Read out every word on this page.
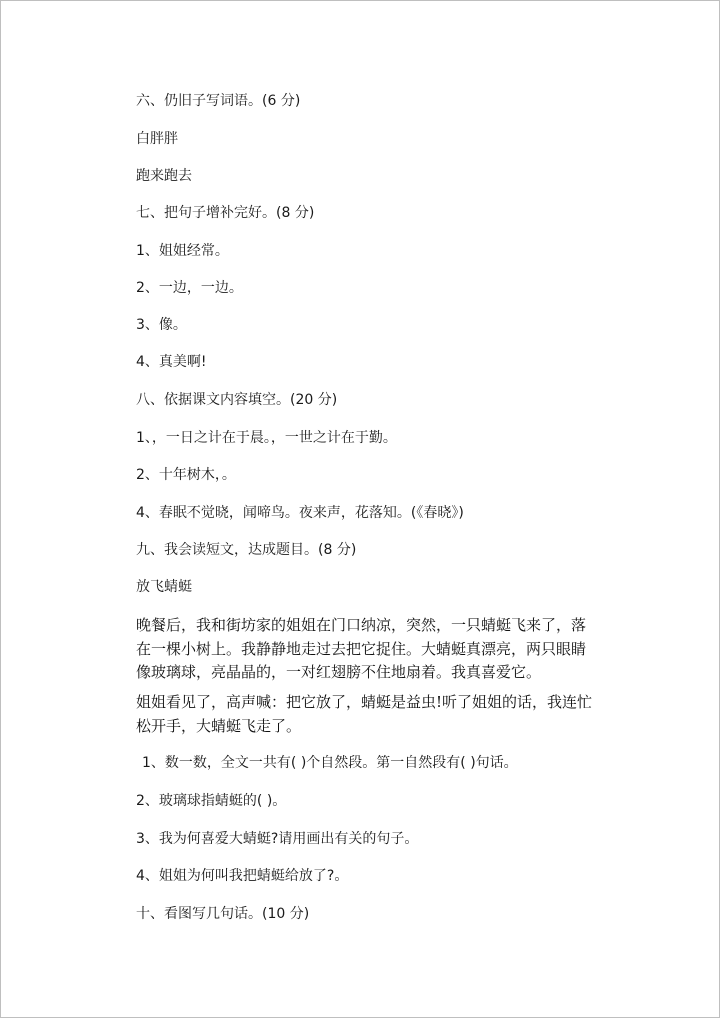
六、仍旧子写词语。(6 分)
白胖胖
跑来跑去
七、把句子增补完好。(8 分)
1、姐姐经常。
2、一边，一边。
3、像。
4、真美啊!
八、依据课文内容填空。(20 分)
1、，一日之计在于晨。，一世之计在于勤。
2、十年树木，。
4、春眠不觉晓，闻啼鸟。夜来声，花落知。(《春晓》)
九、我会读短文，达成题目。(8 分)
放飞蜻蜓

晚餐后，我和街坊家的姐姐在门口纳凉，突然，一只蜻蜓飞来了，落在一棵小树上。我静静地走过去把它捉住。大蜻蜓真漂亮，两只眼睛像玻璃球，亮晶晶的，一对红翅膀不住地扇着。我真喜爱它。

姐姐看见了，高声喊：把它放了，蜻蜓是益虫!听了姐姐的话，我连忙松开手，大蜻蜓飞走了。

1、数一数，全文一共有( )个自然段。第一自然段有( )句话。
2、玻璃球指蜻蜓的( )。
3、我为何喜爱大蜻蜓?请用画出有关的句子。
4、姐姐为何叫我把蜻蜓给放了?。
十、看图写几句话。(10 分)
